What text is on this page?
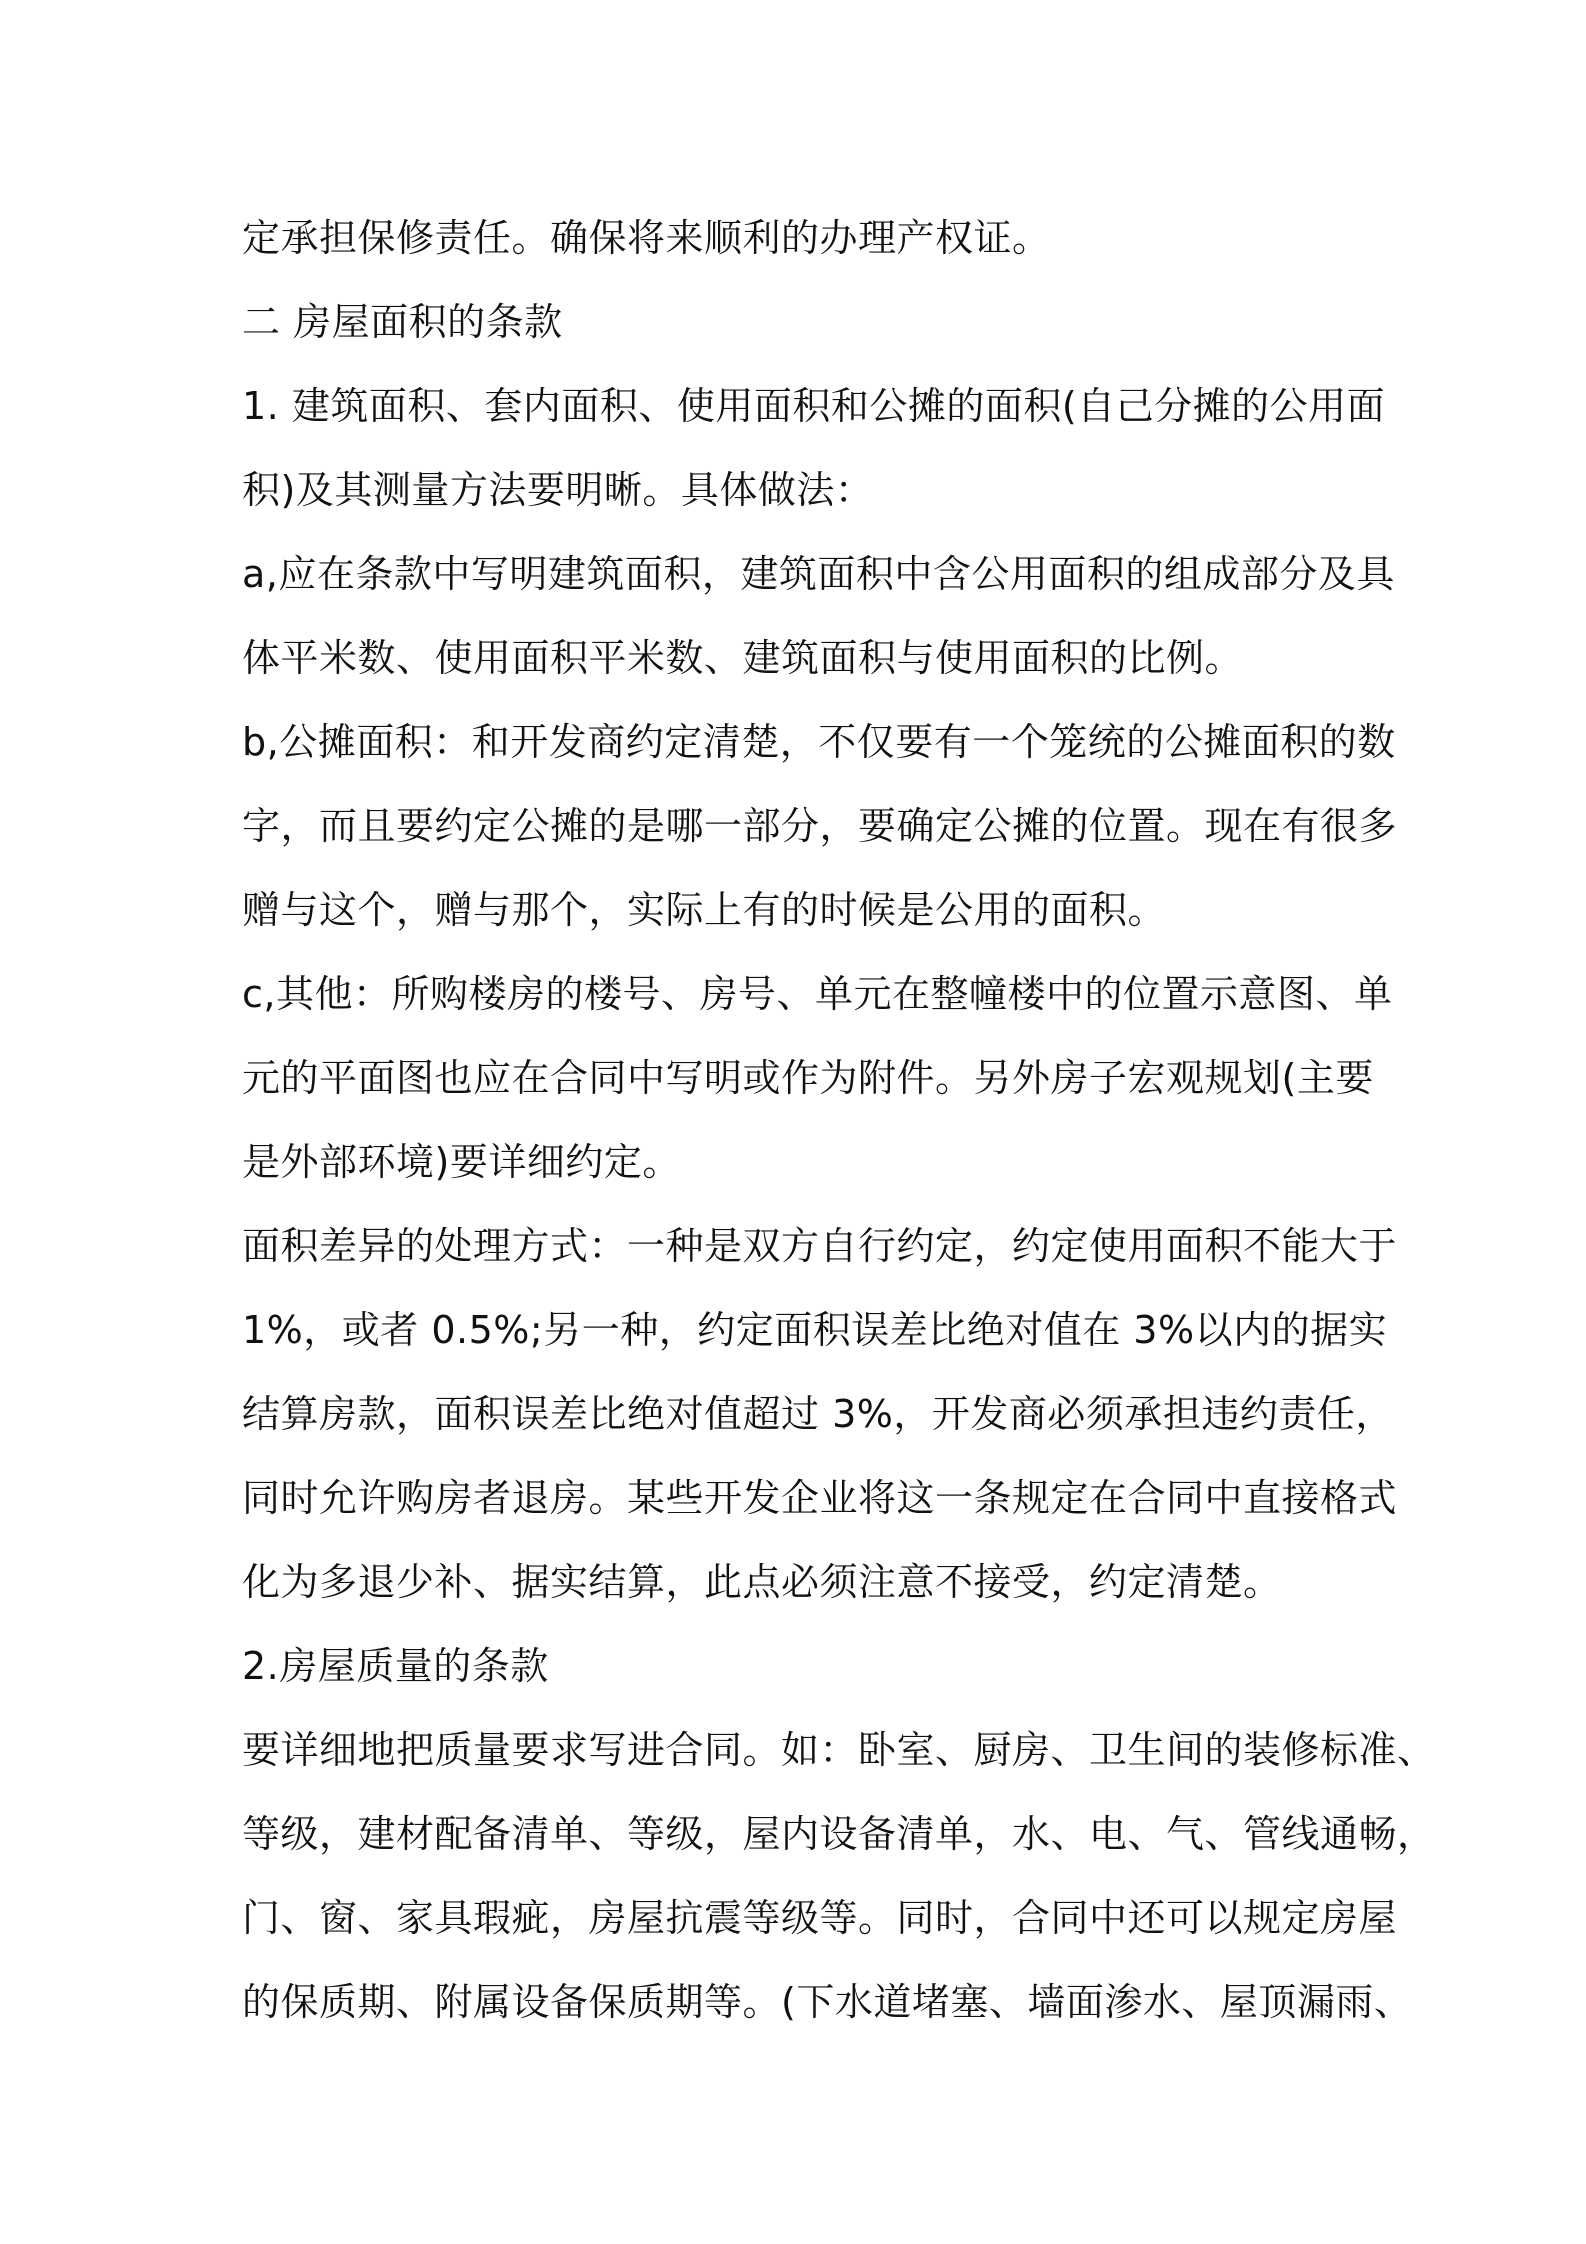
定承担保修责任。确保将来顺利的办理产权证。
二 房屋面积的条款
1. 建筑面积、套内面积、使用面积和公摊的面积(自己分摊的公用面
积)及其测量方法要明晰。具体做法：
a,应在条款中写明建筑面积，建筑面积中含公用面积的组成部分及具
体平米数、使用面积平米数、建筑面积与使用面积的比例。
b,公摊面积：和开发商约定清楚，不仅要有一个笼统的公摊面积的数
字，而且要约定公摊的是哪一部分，要确定公摊的位置。现在有很多
赠与这个，赠与那个，实际上有的时候是公用的面积。
c,其他：所购楼房的楼号、房号、单元在整幢楼中的位置示意图、单
元的平面图也应在合同中写明或作为附件。另外房子宏观规划(主要
是外部环境)要详细约定。
面积差异的处理方式：一种是双方自行约定，约定使用面积不能大于
1%，或者 0.5%;另一种，约定面积误差比绝对值在 3%以内的据实
结算房款，面积误差比绝对值超过 3%，开发商必须承担违约责任，
同时允许购房者退房。某些开发企业将这一条规定在合同中直接格式
化为多退少补、据实结算，此点必须注意不接受，约定清楚。
2.房屋质量的条款
要详细地把质量要求写进合同。如：卧室、厨房、卫生间的装修标准、
等级，建材配备清单、等级，屋内设备清单，水、电、气、管线通畅，
门、窗、家具瑕疵，房屋抗震等级等。同时，合同中还可以规定房屋
的保质期、附属设备保质期等。(下水道堵塞、墙面渗水、屋顶漏雨、
